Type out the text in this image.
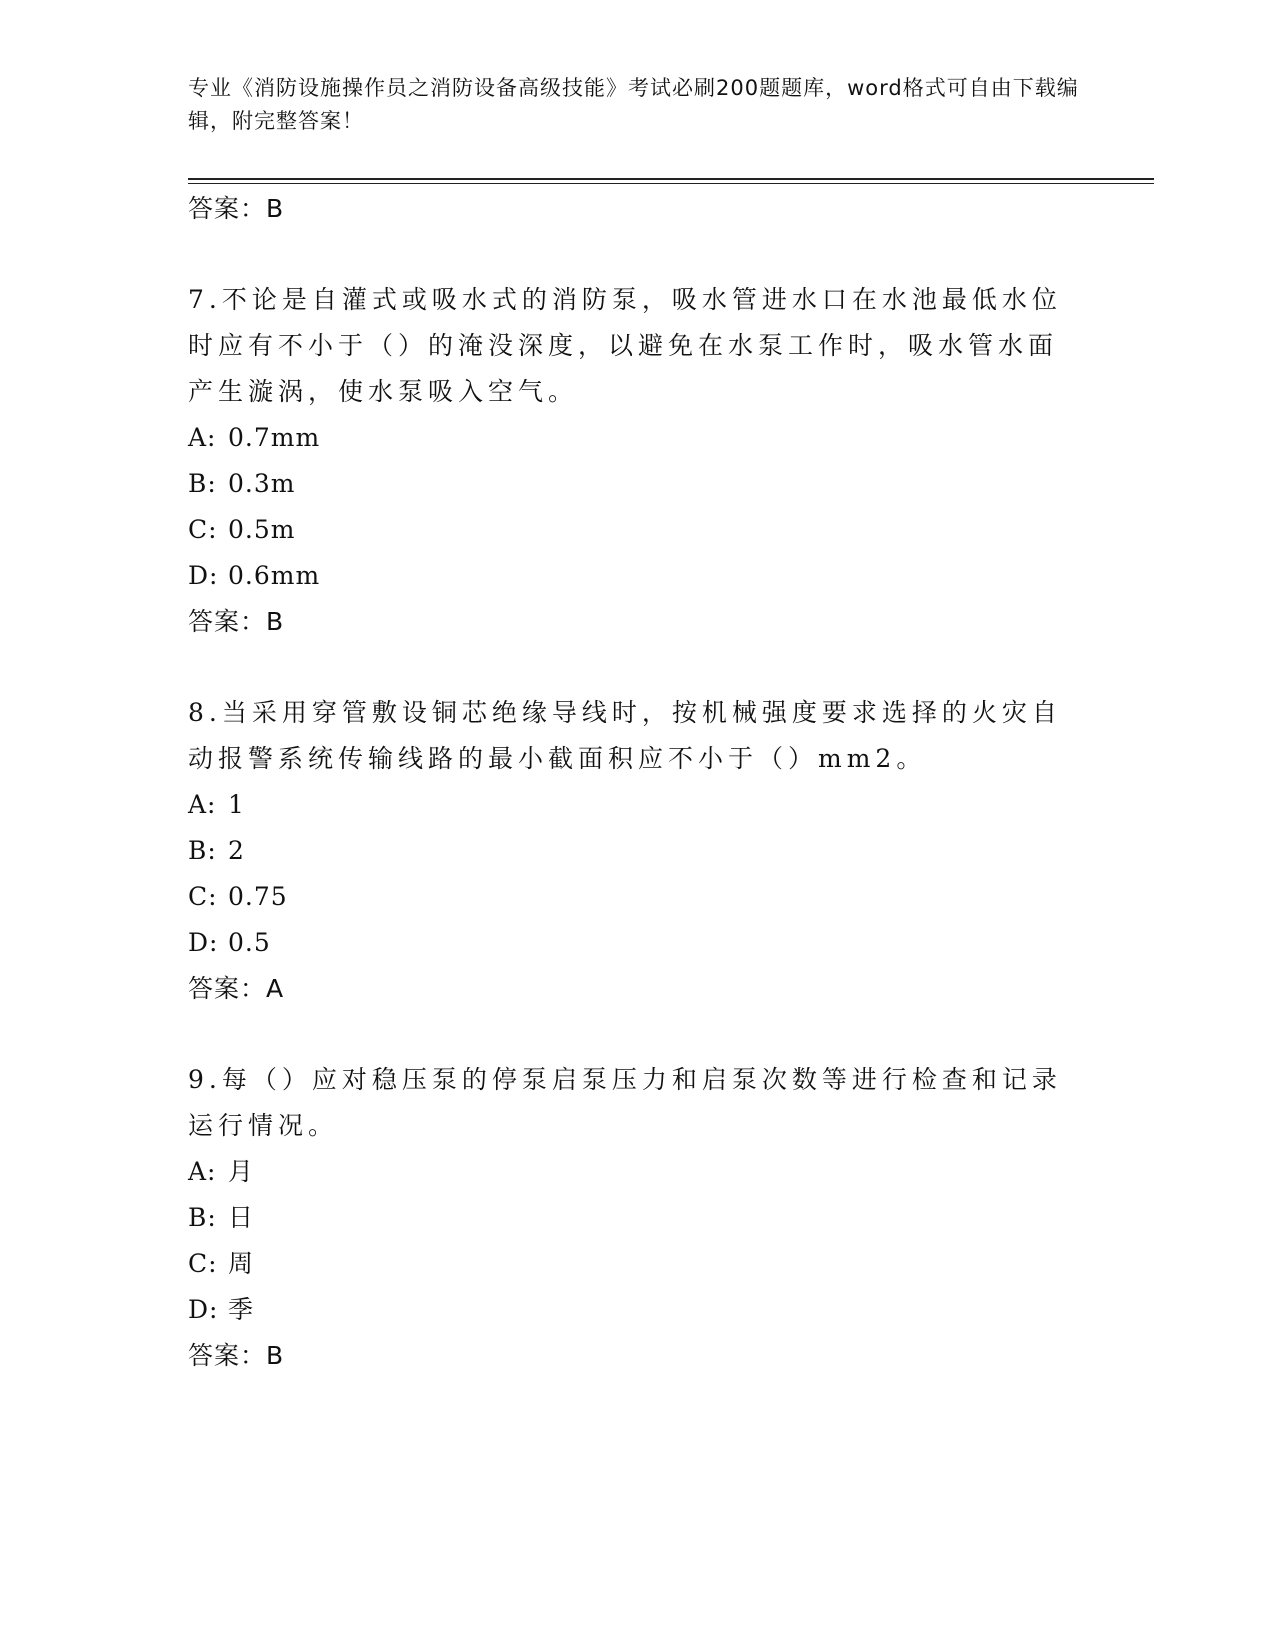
专业《消防设施操作员之消防设备高级技能》考试必刷200题题库，word格式可自由下载编辑，附完整答案！
答案：B
7.不论是自灌式或吸水式的消防泵，吸水管进水口在水池最低水位时应有不小于（）的淹没深度，以避免在水泵工作时，吸水管水面产生漩涡，使水泵吸入空气。
A: 0.7mm
B: 0.3m
C: 0.5m
D: 0.6mm
答案：B
8.当采用穿管敷设铜芯绝缘导线时，按机械强度要求选择的火灾自动报警系统传输线路的最小截面积应不小于（）mm2。
A: 1
B: 2
C: 0.75
D: 0.5
答案：A
9.每（）应对稳压泵的停泵启泵压力和启泵次数等进行检查和记录运行情况。
A: 月
B: 日
C: 周
D: 季
答案：B
